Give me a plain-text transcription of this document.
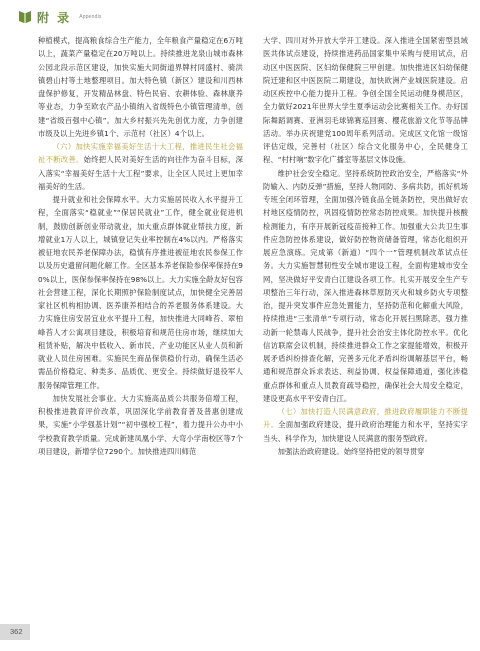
附 录 Appendix

种植模式，提高粮食综合生产能力，全年粮食产量稳定在6万吨以上，蔬菜产量稳定在20万吨以上。持续推进龙泉山城市森林公园北段示范区建设，加快实施大同街道界牌村同盛村、骑洪镇碧山村等土地整理项目。加大特色镇（新区）建设和川西林盘保护修复，开发精品林盘、特色民宿、农耕体验、森林康养等业态，力争至欧农产品小镇纳入省级特色小镇管理清单，创建“省级百强中心镇”。加大乡村振兴先先创优力度，力争创建市级及以上先进乡镇1个、示范村（社区）4个以上。

（六）加快实施幸福美好生活十大工程，推进民生社会福祉不断改善。始终把人民对美好生活的向往作为奋斗目标，深入落实“幸福美好生活十大工程”要求，让全区人民过上更加幸福美好的生活。

提升就业和社会保障水平。大力实施居民收入水平提升工程，全面落实“稳就业”“保居民就业”工作，健全就业促进机制，鼓励创新创业带动就业，加大重点群体就业帮扶力度，新增就业1万人以上，城镇登记失业率控制在4%以内。严格落实被征地农民养老保障办法，稳慎有序推进被征地农民参保工作以及历史遗留问题化解工作。全区基本养老保险参保率保持在90%以上，医保参保率保持在98%以上。大力实施全龄友好包容社会营建工程，深化长期照护保险制度试点，加快健全完善居家社区机构相协调、医养康养相结合的养老服务体系建设。大力实施住房安居宜业水平提升工程，加快推进大同峰苔、翠柏峰苔人才公寓项目建设，积极培育和规范住房市场，继续加大租赁补贴，解决中低收入、新市民、产业功能区从业人员和新就业人员住房困难。实施民生商品保供稳价行动，确保生活必需品价格稳定、种类多、品质优、更安全。持续做好退役军人服务保障管理工作。

加快发展社会事业。大力实施高品质公共服务倍增工程，积极推进教育评价改革，巩固深化学前教育普及普惠创建成果，实施“小学强基计划”“初中强校工程”，着力提升公办中小学校教育教学质量。完成新建凤凰小学、大弯小学南校区等7个项目建设，新增学位7290个。加快推进四川师范

大学、四川对外开放大学开工建设。深入推进全国紧密型县域医共体试点建设，持续推进药品国家集中采购与使用试点，启动区中医医院、区妇幼保健院三甲创建。加快推进区妇幼保健院迁建和区中医医院二期建设，加快欧洲产业城医院建设。启动区疾控中心能力提升工程。争创全国全民运动健身模范区，全力做好2021年世界大学生夏季运动会比赛相关工作。办好国际舞蹈调赛、亚洲羽毛球锦赛巡回赛、樱花旅游文化节等品牌活动。举办庆祝建党100周年系列活动。完成区文化馆一级馆评估定级，完善村（社区）综合文化服务中心，全民健身工程、“村村响”数字化广播室等基层文体设施。

维护社会安全稳定。坚持系统防控政治安全，严格落实“外防输入、内防反弹”措施，坚持人物同防、多病共防，抓好机场专班全闭环管理，全面加强冷链食品全链条防控，突出做好农村地区疫情防控，巩固疫情防控常态防控成果。加快提升核酸检测能力，有序开展新冠疫苗接种工作。加强重大公共卫生事件应急防控体系建设，做好防控物资储备管理，常态化组织开展应急演练。完成第（新道）“四个一”管理机制改革试点任务。大力实施智慧韧性安全城市建设工程，全面构建城市安全网，坚决做好平安青白江建设各项工作。扎实开展安全生产专项整治三年行动，深入推进森林草原防灭火和城乡防火专项整治，提升突发事件应急处置能力，坚持防范和化解重大风险，持续推进“三张清单”专项行动，常态化开展扫黑除恶，强力推动新一轮禁毒人民战争，提升社会治安主体化防控水平。优化信访联席会议机制，持续推进群众工作之家提能增效，积极开展矛盾纠纷排查化解，完善多元化矛盾纠纷调解基层平台，畅通和规范群众诉求表达、利益协调、权益保障通道，强化涉稳重点群体和重点人员教育疏导稳控，确保社会大局安全稳定，建设更高水平平安青白江。

（七）加快打造人民满意政府，推进政府履职能力不断提升。全面加强政府建设，提升政府治理能力和水平，坚持实字当头、科学作为，加快建设人民满意的服务型政府。

加强法治政府建设。始终坚持把党的领导贯穿

362
